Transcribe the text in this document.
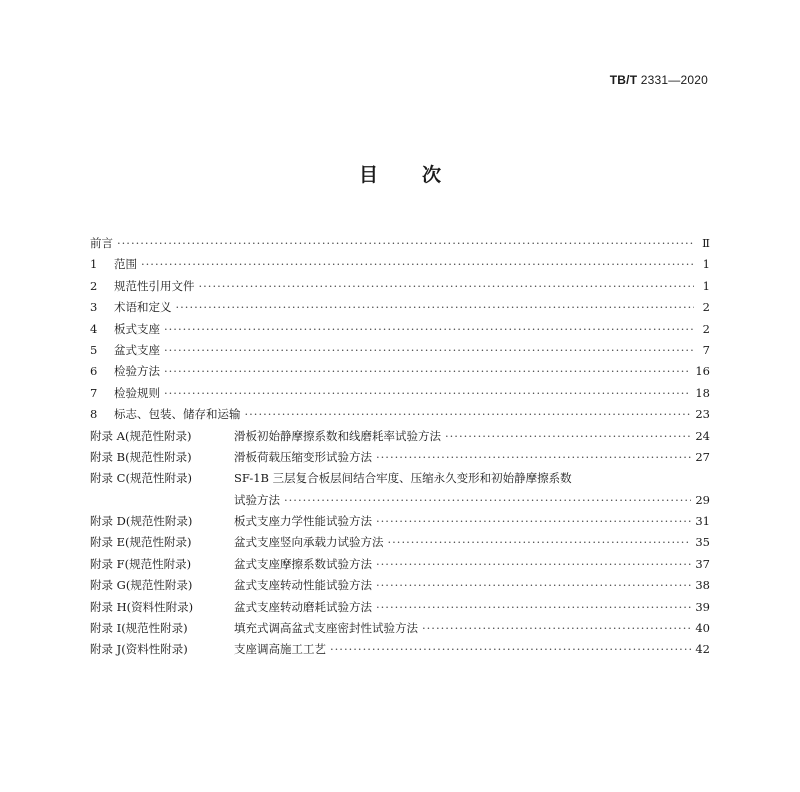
TB/T 2331—2020
目 次
前言 ·····	Ⅱ
1	范围 ·····	1
2	规范性引用文件 ·····	1
3	术语和定义 ·····	2
4	板式支座 ·····	2
5	盆式支座 ·····	7
6	检验方法 ·····	16
7	检验规则 ·····	18
8	标志、包装、储存和运输 ·····	23
附录 A(规范性附录)	滑板初始静摩擦系数和线磨耗率试验方法 ·····	24
附录 B(规范性附录)	滑板荷载压缩变形试验方法 ·····	27
附录 C(规范性附录)	SF-1B 三层复合板层间结合牢度、压缩永久变形和初始静摩擦系数
试验方法 ·····	29
附录 D(规范性附录)	板式支座力学性能试验方法 ·····	31
附录 E(规范性附录)	盆式支座竖向承载力试验方法 ·····	35
附录 F(规范性附录)	盆式支座摩擦系数试验方法 ·····	37
附录 G(规范性附录)	盆式支座转动性能试验方法 ·····	38
附录 H(资料性附录)	盆式支座转动磨耗试验方法 ·····	39
附录 I(规范性附录)	填充式调高盆式支座密封性试验方法 ·····	40
附录 J(资料性附录)	支座调高施工工艺 ·····	42
